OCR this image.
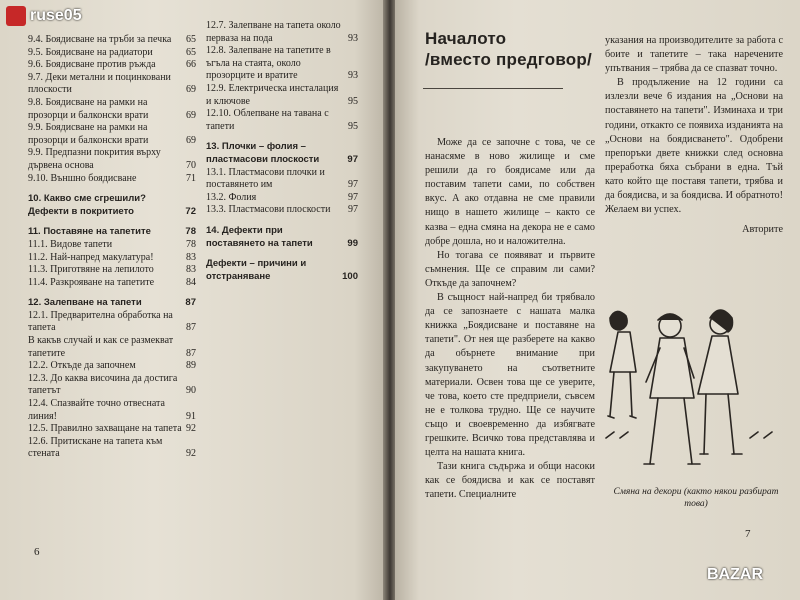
ruse05
9.4. Боядисване на тръби за печка	65
9.5. Боядисване на радиатори	65
9.6. Боядисване против ръжда	66
9.7. Деки метални и поцинковани плоскости	69
9.8. Боядисване на рамки на прозорци и балконски врати	69
9.9. Боядисване на рамки на прозорци и балконски врати	69
9.9. Предпазни покрития върху дървена основа	70
9.10. Външно боядисване	71
10. Какво сме сгрешили? Дефекти в покритието	72
11. Поставяне на тапетите	78
11.1. Видове тапети	78
11.2. Най-напред макулатура!	83
11.3. Приготвяне на лепилото	83
11.4. Разкрояване на тапетите	84
12. Залепване на тапети	87
12.1. Предварителна обработка на тапета	87
В какъв случай и как се размекват тапетите	87
12.2. Откъде да започнем	89
12.3. До каква височина да достига тапетът	90
12.4. Спазвайте точно отвесната линия!	91
12.5. Правилно захващане на тапета 92
12.6. Притискане на тапета към стената	92
12.7. Залепване на тапета около первaза на пода	93
12.8. Залепване на тапетите в ъгъла на стаята, около прозорците и вратите	93
12.9. Електрическа инсталация и ключове	95
12.10. Облепване на тавана с тапети	95
13. Плочки – фолия – пластмасови плоскости	97
13.1. Пластмасови плочки и поставянето им	97
13.2. Фолия	97
13.3. Пластмасови плоскости	97
14. Дефекти при поставянето на тапети	99
Дефекти – причини и отстраняване	100
6
Началото
/вместо предговор/

Може да се започне с това, че се нанасяме в ново жилище и сме решили да го боядисаме или да поставим тапети сами, по собствен вкус. А ако отдавна не сме правили нищо в нашето жилище – както се казва – една смяна на декора не е само добре дошла, но и наложителна.

Но тогава се появяват и първите съмнения. Ще се справим ли сами? Откъде да започнем?

В същност най-напред би трябвало да се запознаете с нашата малка книжка „Боядисване и поставяне на тапети". От нея ще разберете на какво да обърнете внимание при закупуването на съответните материали. Освен това ще се уверите, че това, което сте предприели, съвсем не е толкова трудно. Ще се научите също и своевременно да избягвате грешките. Всичко това представлява и целта на нашата книга.

Тази книга съдържа и общи насоки как се боядисва и как се поставят тапети. Специалните

указания на производителите за работа с боите и тапетите – така наречените упътвания – трябва да се спазват точно.

В продължение на 12 години са излезли вече 6 издания на „Основи на поставянето на тапети". Изминаха и три години, откакто се появиха изданията на „Основи на боядисването". Одобрени препоръки двете книжки след основна преработка бяха събрани в една. Тъй като който ще поставя тапети, трябва и да боядисва, и за боядисва. И обратното! Желаем ви успех.

Авторите
Смяна на декори (както някои разбират това)
7
BAZAR
